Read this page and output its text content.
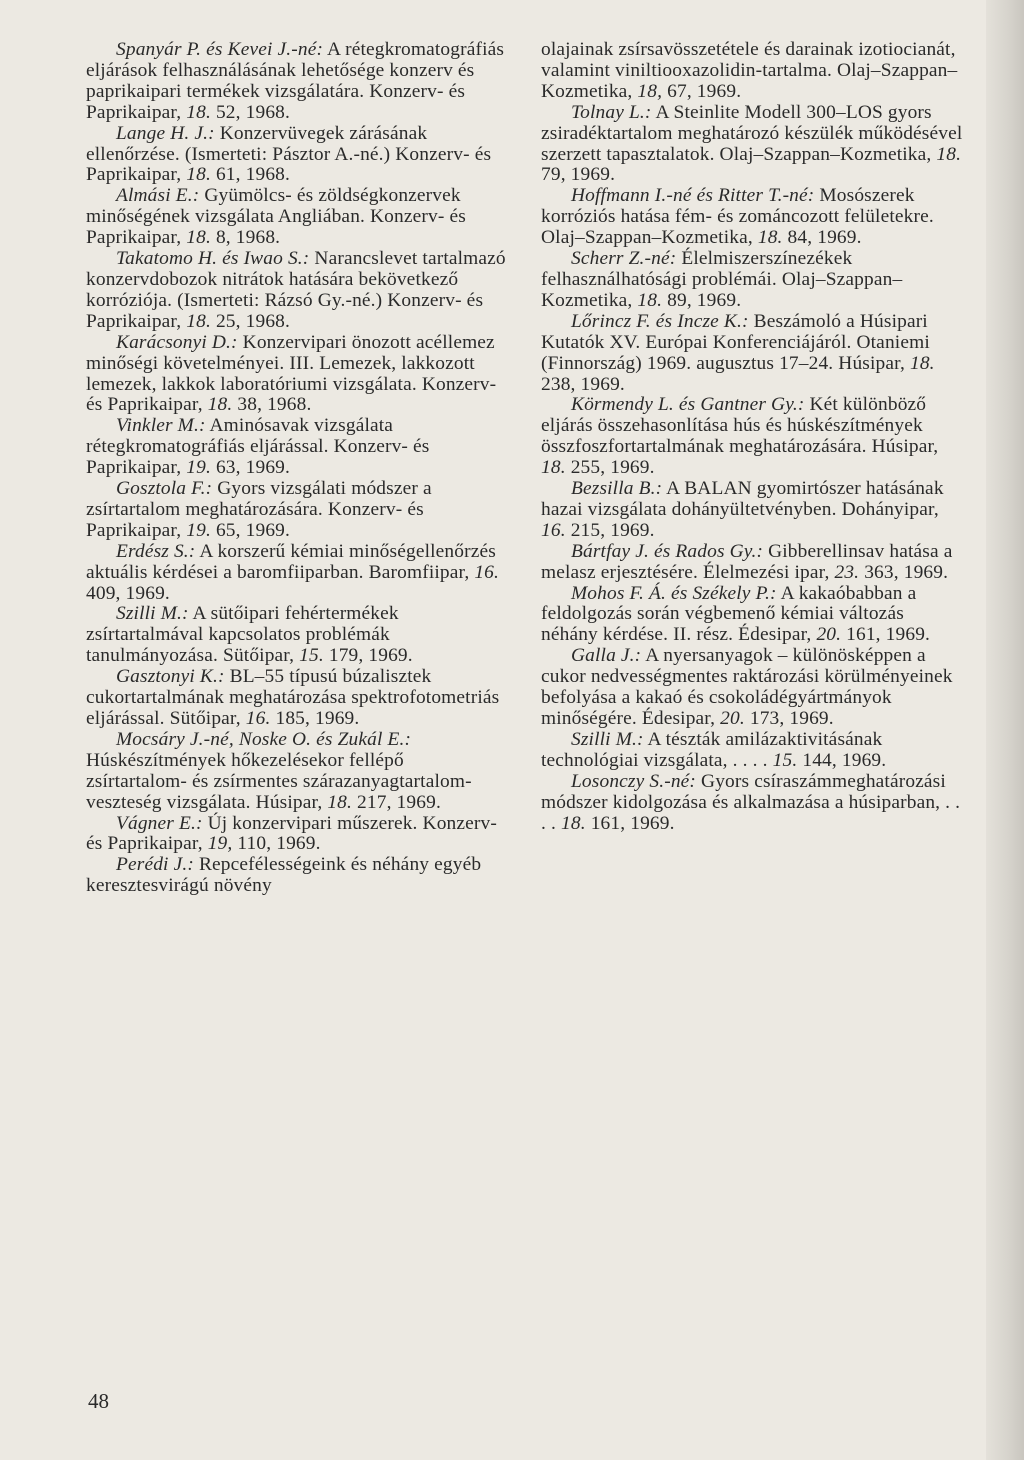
Spanyár P. és Kevei J.-né: A rétegkromatográfiás eljárások felhasználásának lehetősége konzerv és paprikaipari termékek vizsgálatára. Konzerv- és Paprikaipar, 18. 52, 1968.

Lange H. J.: Konzervüvegek zárásának ellenőrzése. (Ismerteti: Pásztor A.-né.) Konzerv- és Paprikaipar, 18. 61, 1968.

Almási E.: Gyümölcs- és zöldségkonzervek minőségének vizsgálata Angliában. Konzerv- és Paprikaipar, 18. 8, 1968.

Takatomo H. és Iwao S.: Narancslevet tartalmazó konzervdobozok nitrátok hatására bekövetkező korróziója. (Ismerteti: Rázsó Gy.-né.) Konzerv- és Paprikaipar, 18. 25, 1968.

Karácsonyi D.: Konzervipari önozott acéllemez minőségi követelményei. III. Lemezek, lakkozott lemezek, lakkok laboratóriumi vizsgálata. Konzerv- és Paprikaipar, 18. 38, 1968.

Vinkler M.: Aminósavak vizsgálata rétegkromatográfiás eljárással. Konzerv- és Paprikaipar, 19. 63, 1969.

Gosztola F.: Gyors vizsgálati módszer a zsírtartalom meghatározására. Konzerv- és Paprikaipar, 19. 65, 1969.

Erdész S.: A korszerű kémiai minőségellenőrzés aktuális kérdései a baromfiiparban. Baromfiipar, 16. 409, 1969.

Szilli M.: A sütőipari fehértermékek zsírtartalmával kapcsolatos problémák tanulmányozása. Sütőipar, 15. 179, 1969.

Gasztonyi K.: BL–55 típusú búzalisztek cukortartalmának meghatározása spektrofotometriás eljárással. Sütőipar, 16. 185, 1969.

Mocsáry J.-né, Noske O. és Zukál E.: Húskészítmények hőkezelésekor fellépő zsírtartalom- és zsírmentes szárazanyagtartalom-veszteség vizsgálata. Húsipar, 18. 217, 1969.

Vágner E.: Új konzervipari műszerek. Konzerv- és Paprikaipar, 19, 110, 1969.

Perédi J.: Repcefélességeink és néhány egyéb keresztesvirágú növény

olajainak zsírsavösszetétele és darainak izotiocianát, valamint viniltiooxazolidin-tartalma. Olaj–Szappan–Kozmetika, 18, 67, 1969.

Tolnay L.: A Steinlite Modell 300–LOS gyors zsiradéktartalom meghatározó készülék működésével szerzett tapasztalatok. Olaj–Szappan–Kozmetika, 18. 79, 1969.

Hoffmann I.-né és Ritter T.-né: Mosószerek korróziós hatása fém- és zománcozott felületekre. Olaj–Szappan–Kozmetika, 18. 84, 1969.

Scherr Z.-né: Élelmiszerszínezékek felhasználhatósági problémái. Olaj–Szappan–Kozmetika, 18. 89, 1969.

Lőrincz F. és Incze K.: Beszámoló a Húsipari Kutatók XV. Európai Konferenciájáról. Otaniemi (Finnország) 1969. augusztus 17–24. Húsipar, 18. 238, 1969.

Körmendy L. és Gantner Gy.: Két különböző eljárás összehasonlítása hús és húskészítmények összfoszfortartalmának meghatározására. Húsipar, 18. 255, 1969.

Bezsilla B.: A BALAN gyomirtószer hatásának hazai vizsgálata dohányültetvényben. Dohányipar, 16. 215, 1969.

Bártfay J. és Rados Gy.: Gibberellinsav hatása a melasz erjesztésére. Élelmezési ipar, 23. 363, 1969.

Mohos F. Á. és Székely P.: A kakaóbabban a feldolgozás során végbemenő kémiai változás néhány kérdése. II. rész. Édesipar, 20. 161, 1969.

Galla J.: A nyersanyagok – különösképpen a cukor nedvességmentes raktározási körülményeinek befolyása a kakaó és csokoládégyártmányok minőségére. Édesipar, 20. 173, 1969.

Szilli M.: A tészták amilázaktivitásának technológiai vizsgálata, . . . . 15. 144, 1969.

Losonczy S.-né: Gyors csíraszámmeghatározási módszer kidolgozása és alkalmazása a húsiparban, . . . . 18. 161, 1969.

48
